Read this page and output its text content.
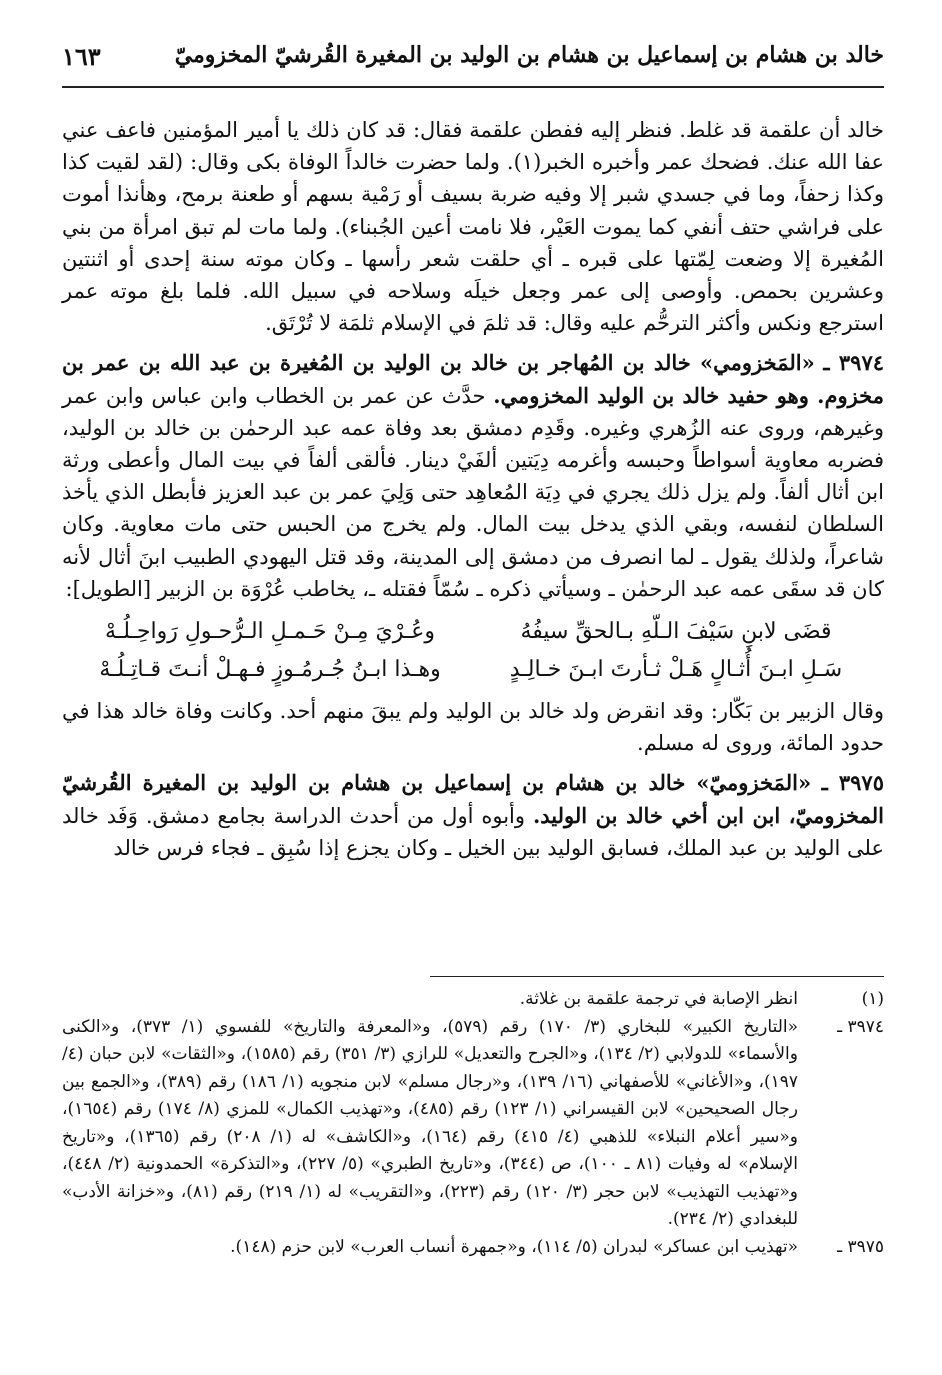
خالد بن هشام بن إسماعيل بن هشام بن الوليد بن المغيرة القُرشيّ المخزوميّ
١٦٣

خالد أن علقمة قد غلط. فنظر إليه ففطن علقمة فقال: قد كان ذلك يا أمير المؤمنين فاعف عني عفا الله عنك. فضحك عمر وأخبره الخبر(١). ولما حضرت خالداً الوفاة بكى وقال: (لقد لقيت كذا وكذا زحفاً، وما في جسدي شبر إلا وفيه ضربة بسيف أو رَمْية بسهم أو طعنة برمح، وهأنذا أموت على فراشي حتف أنفي كما يموت العَيْر، فلا نامت أعين الجُبناء). ولما مات لم تبق امرأة من بني المُغيرة إلا وضعت لِمّتها على قبره ـ أي حلقت شعر رأسها ـ وكان موته سنة إحدى أو اثنتين وعشرين بحمص. وأوصى إلى عمر وجعل خيلَه وسلاحه في سبيل الله. فلما بلغ موته عمر استرجع ونكس وأكثر الترحُّم عليه وقال: قد ثلمَ في الإسلام ثلمَة لا تُرْتَق.

٣٩٧٤ ـ «المَخزومي» خالد بن المُهاجر بن خالد بن الوليد بن المُغيرة بن عبد الله بن عمر بن مخزوم. وهو حفيد خالد بن الوليد المخزومي. حدَّث عن عمر بن الخطاب وابن عباس وابن عمر وغيرهم، وروى عنه الزُهري وغيره. وقَدِم دمشق بعد وفاة عمه عبد الرحمٰن بن خالد بن الوليد، فضربه معاوية أسواطاً وحبسه وأغرمه دِيَتين ألفَيْ دينار. فألقى ألفاً في بيت المال وأعطى ورثة ابن أثال ألفاً. ولم يزل ذلك يجري في دِيَة المُعاهِد حتى وَلِيَ عمر بن عبد العزيز فأبطل الذي يأخذ السلطان لنفسه، وبقي الذي يدخل بيت المال. ولم يخرج من الحبس حتى مات معاوية. وكان شاعراً، ولذلك يقول ـ لما انصرف من دمشق إلى المدينة، وقد قتل اليهودي الطبيب ابنَ أثال لأنه كان قد سقَى عمه عبد الرحمٰن ـ وسيأتي ذكره ـ سُمّاً فقتله ـ، يخاطب عُرْوَة بن الزبير [الطويل]:

قضَى لابنِ سَيْفَ الـلّهِ بـالحقِّ سيفُهُ
وعُـرْيَ مِـنْ حَـمـلِ الـرُّحـولِ رَواحِـلُـهْ
سَـلِ ابـنَ أُثـالٍ هَـلْ ثـأرتَ ابـنَ خـالِـدٍ
وهـذا ابـنُ جُـرمُـوزٍ فـهـلْ أنـتَ قـاتِـلُـهْ

وقال الزبير بن بَكّار: وقد انقرض ولد خالد بن الوليد ولم يبقَ منهم أحد. وكانت وفاة خالد هذا في حدود المائة، وروى له مسلم.

٣٩٧٥ ـ «المَخزوميّ» خالد بن هشام بن إسماعيل بن هشام بن الوليد بن المغيرة القُرشيّ المخزوميّ، ابن ابن أخي خالد بن الوليد. وأبوه أول من أحدث الدراسة بجامع دمشق. وَفَد خالد على الوليد بن عبد الملك، فسابق الوليد بين الخيل ـ وكان يجزع إذا سُبِق ـ فجاء فرس خالد

(١)
انظر الإصابة في ترجمة علقمة بن غلاثة.
٣٩٧٤ ـ
«التاريخ الكبير» للبخاري (٣/ ١٧٠) رقم (٥٧٩)، و«المعرفة والتاريخ» للفسوي (١/ ٣٧٣)، و«الكنى والأسماء» للدولابي (٢/ ١٣٤)، و«الجرح والتعديل» للرازي (٣/ ٣٥١) رقم (١٥٨٥)، و«الثقات» لابن حبان (٤/ ١٩٧)، و«الأغاني» للأصفهاني (١٦/ ١٣٩)، و«رجال مسلم» لابن منجويه (١/ ١٨٦) رقم (٣٨٩)، و«الجمع بين رجال الصحيحين» لابن القيسراني (١/ ١٢٣) رقم (٤٨٥)، و«تهذيب الكمال» للمزي (٨/ ١٧٤) رقم (١٦٥٤)، و«سير أعلام النبلاء» للذهبي (٤/ ٤١٥) رقم (١٦٤)، و«الكاشف» له (١/ ٢٠٨) رقم (١٣٦٥)، و«تاريخ الإسلام» له وفيات (٨١ ـ ١٠٠)، ص (٣٤٤)، و«تاريخ الطبري» (٥/ ٢٢٧)، و«التذكرة» الحمدونية (٢/ ٤٤٨)، و«تهذيب التهذيب» لابن حجر (٣/ ١٢٠) رقم (٢٢٣)، و«التقريب» له (١/ ٢١٩) رقم (٨١)، و«خزانة الأدب» للبغدادي (٢/ ٢٣٤).
٣٩٧٥ ـ
«تهذيب ابن عساكر» لبدران (٥/ ١١٤)، و«جمهرة أنساب العرب» لابن حزم (١٤٨).
